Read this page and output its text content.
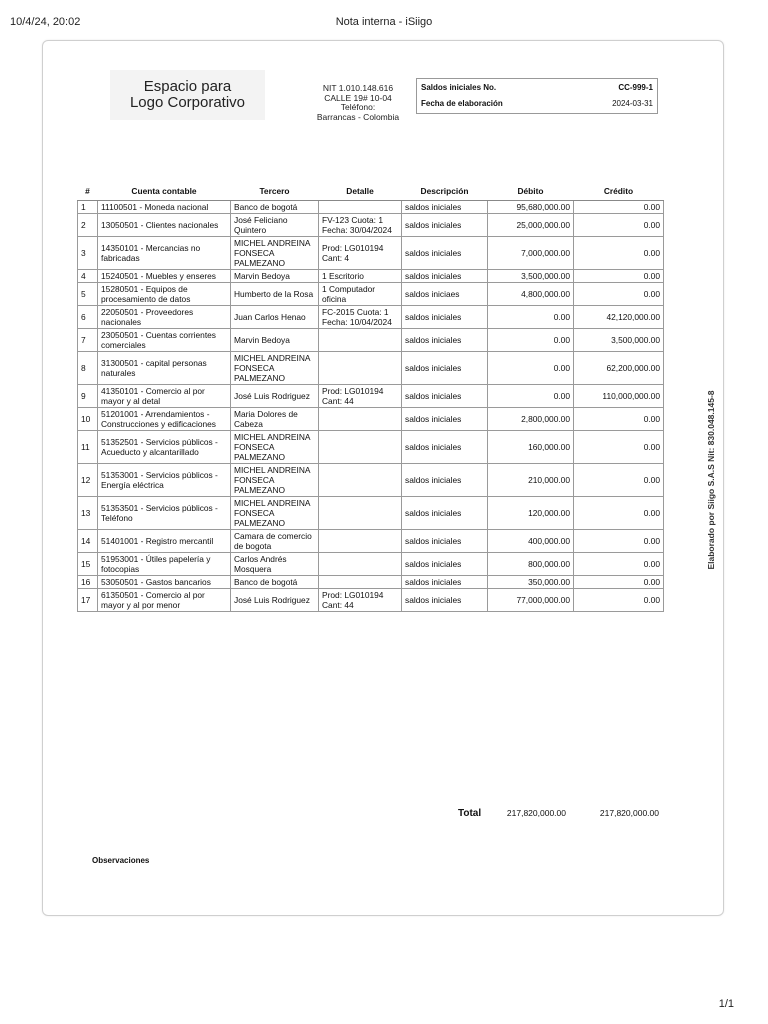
10/4/24, 20:02	Nota interna - iSiigo
Espacio para
Logo Corporativo
NIT 1.010.148.616
CALLE 19# 10-04
Teléfono:
Barrancas - Colombia
Saldos iniciales No.	CC-999-1
Fecha de elaboración	2024-03-31
#	Cuenta contable	Tercero	Detalle	Descripción	Débito	Crédito
1	11100501 - Moneda nacional	Banco de bogotá		saldos iniciales	95,680,000.00	0.00
2	13050501 - Clientes nacionales	José Feliciano Quintero	FV-123 Cuota: 1 Fecha: 30/04/2024	saldos iniciales	25,000,000.00	0.00
3	14350101 - Mercancias no fabricadas	MICHEL ANDREINA FONSECA PALMEZANO	Prod: LG010194 Cant: 4	saldos iniciales	7,000,000.00	0.00
4	15240501 - Muebles y enseres	Marvin Bedoya	1 Escritorio	saldos iniciales	3,500,000.00	0.00
5	15280501 - Equipos de procesamiento de datos	Humberto de la Rosa	1 Computador oficina	saldos iniciaes	4,800,000.00	0.00
6	22050501 - Proveedores nacionales	Juan Carlos Henao	FC-2015 Cuota: 1 Fecha: 10/04/2024	saldos iniciales	0.00	42,120,000.00
7	23050501 - Cuentas corrientes comerciales	Marvin Bedoya		saldos iniciales	0.00	3,500,000.00
8	31300501 - capital personas naturales	MICHEL ANDREINA FONSECA PALMEZANO		saldos iniciales	0.00	62,200,000.00
9	41350101 - Comercio al por mayor y al detal	José Luis Rodriguez	Prod: LG010194 Cant: 44	saldos iniciales	0.00	110,000,000.00
10	51201001 - Arrendamientos - Construcciones y edificaciones	Maria Dolores de Cabeza		saldos iniciales	2,800,000.00	0.00
11	51352501 - Servicios públicos - Acueducto y alcantarillado	MICHEL ANDREINA FONSECA PALMEZANO		saldos iniciales	160,000.00	0.00
12	51353001 - Servicios públicos - Energía eléctrica	MICHEL ANDREINA FONSECA PALMEZANO		saldos iniciales	210,000.00	0.00
13	51353501 - Servicios públicos - Teléfono	MICHEL ANDREINA FONSECA PALMEZANO		saldos iniciales	120,000.00	0.00
14	51401001 - Registro mercantil	Camara de comercio de bogota		saldos iniciales	400,000.00	0.00
15	51953001 - Útiles papelería y fotocopias	Carlos Andrés Mosquera		saldos iniciales	800,000.00	0.00
16	53050501 - Gastos bancarios	Banco de bogotá		saldos iniciales	350,000.00	0.00
17	61350501 - Comercio al por mayor y al por menor	José Luis Rodriguez	Prod: LG010194 Cant: 44	saldos iniciales	77,000,000.00	0.00
Total	217,820,000.00	217,820,000.00
Observaciones
Elaborado por Siigo S.A.S Nit: 830.048.145-8
1/1
